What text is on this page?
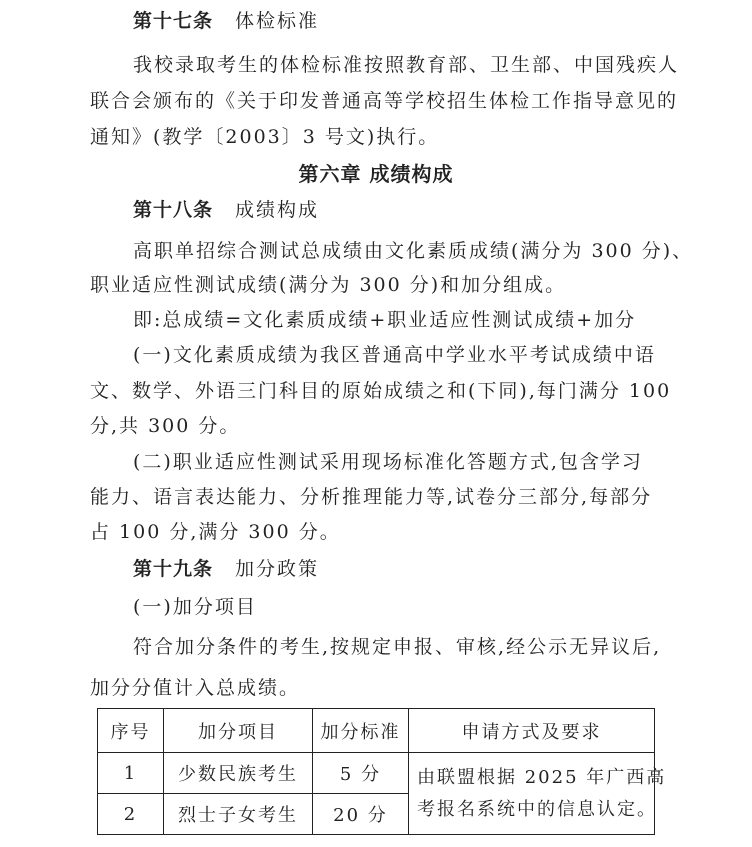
第十七条 体检标准
我校录取考生的体检标准按照教育部、卫生部、中国残疾人
联合会颁布的《关于印发普通高等学校招生体检工作指导意见的
通知》(教学〔2003〕3 号文)执行。
第六章 成绩构成
第十八条 成绩构成
高职单招综合测试总成绩由文化素质成绩(满分为 300 分)、
职业适应性测试成绩(满分为 300 分)和加分组成。
即:总成绩=文化素质成绩+职业适应性测试成绩+加分
(一)文化素质成绩为我区普通高中学业水平考试成绩中语
文、数学、外语三门科目的原始成绩之和(下同),每门满分 100
分,共 300 分。
(二)职业适应性测试采用现场标准化答题方式,包含学习
能力、语言表达能力、分析推理能力等,试卷分三部分,每部分
占 100 分,满分 300 分。
第十九条 加分政策
(一)加分项目
符合加分条件的考生,按规定申报、审核,经公示无异议后,
加分分值计入总成绩。
序号	加分项目	加分标准	申请方式及要求
1	少数民族考生	5 分	由联盟根据 2025 年广西高
考报名系统中的信息认定。

2	烈士子女考生	20 分	
